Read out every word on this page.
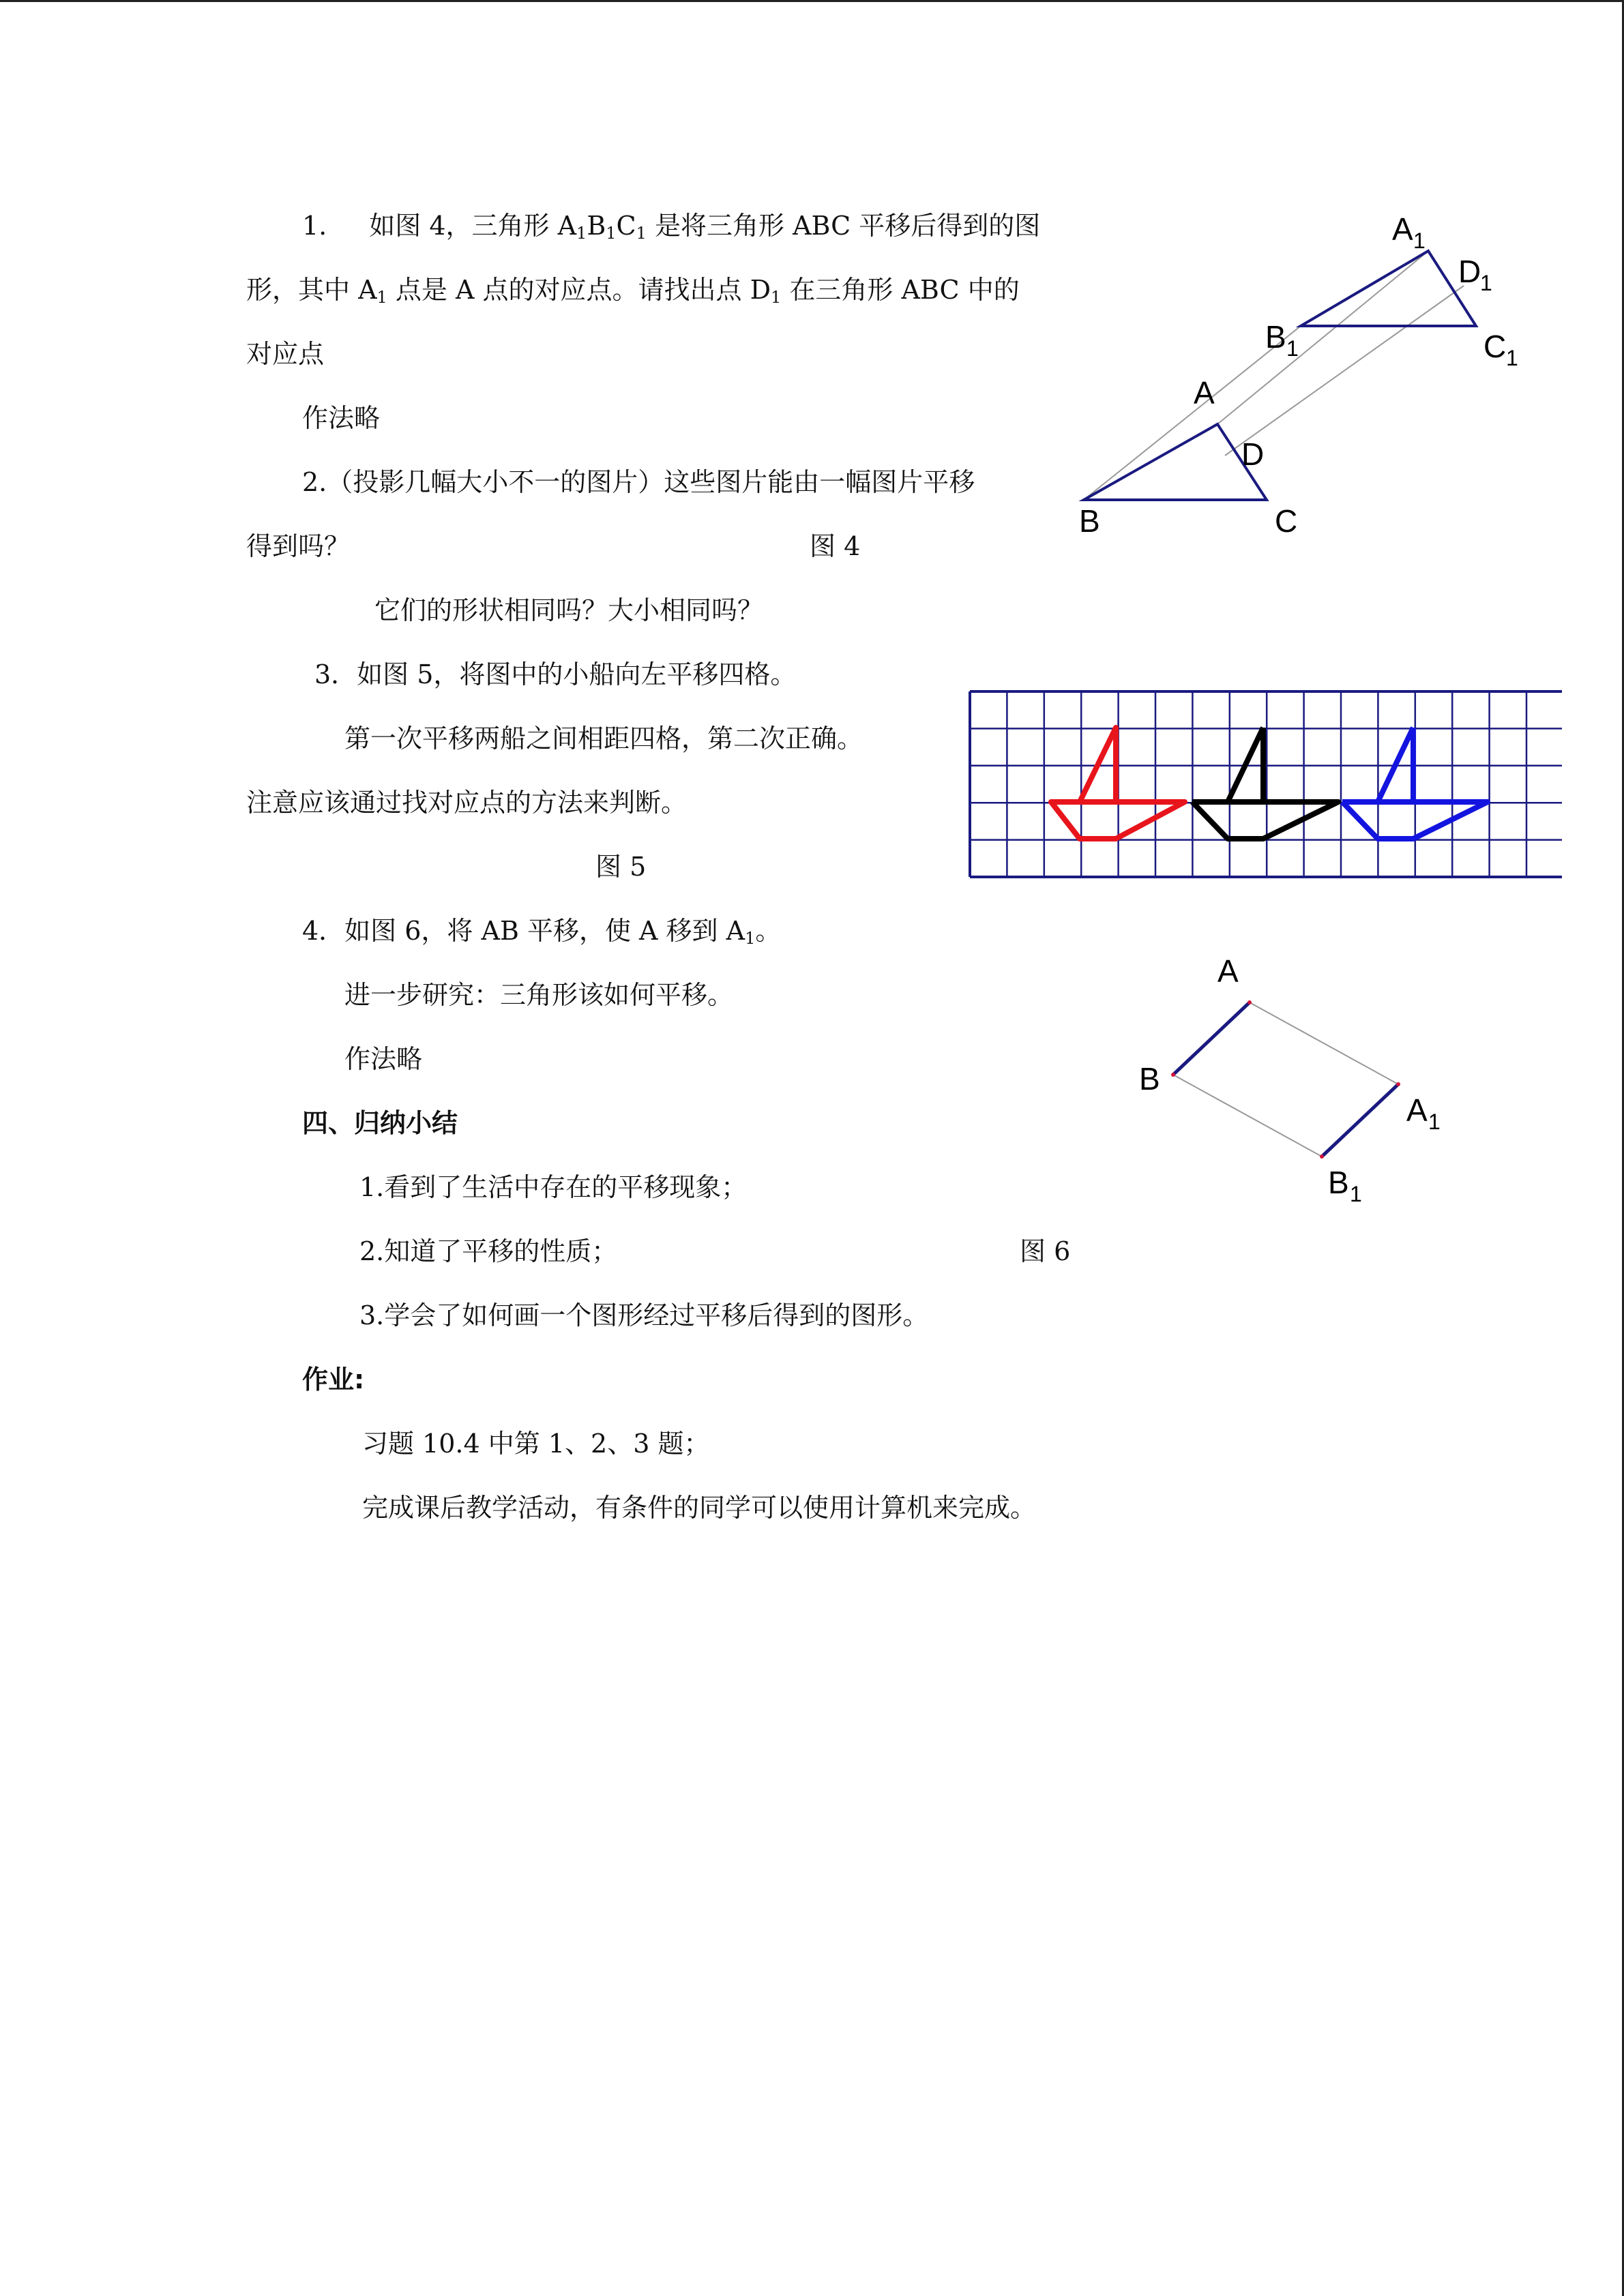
1. 如图 4，三角形 $A_1B_1C_1$ 是将三角形 ABC 平移后得到的图
形，其中 $A_1$ 点是 A 点的对应点。请找出点 $D_1$ 在三角形 ABC 中的
对应点
作法略
2.（投影几幅大小不一的图片）这些图片能由一幅图片平移
得到吗？	图 4
它们的形状相同吗？大小相同吗？
3．如图 5，将图中的小船向左平移四格。
第一次平移两船之间相距四格，第二次正确。
注意应该通过找对应点的方法来判断。
图 5
4．如图 6，将 AB 平移，使 A 移到 $A_1$。
进一步研究：三角形该如何平移。
作法略
四、归纳小结
1.看到了生活中存在的平移现象；
2.知道了平移的性质；	图 6
3.学会了如何画一个图形经过平移后得到的图形。
作业:
习题 10.4 中第 1、2、3 题；
完成课后教学活动，有条件的同学可以使用计算机来完成。
A
B	C
D
A 1
B 1	C 1
D
1
A
B
A 1
B 1
